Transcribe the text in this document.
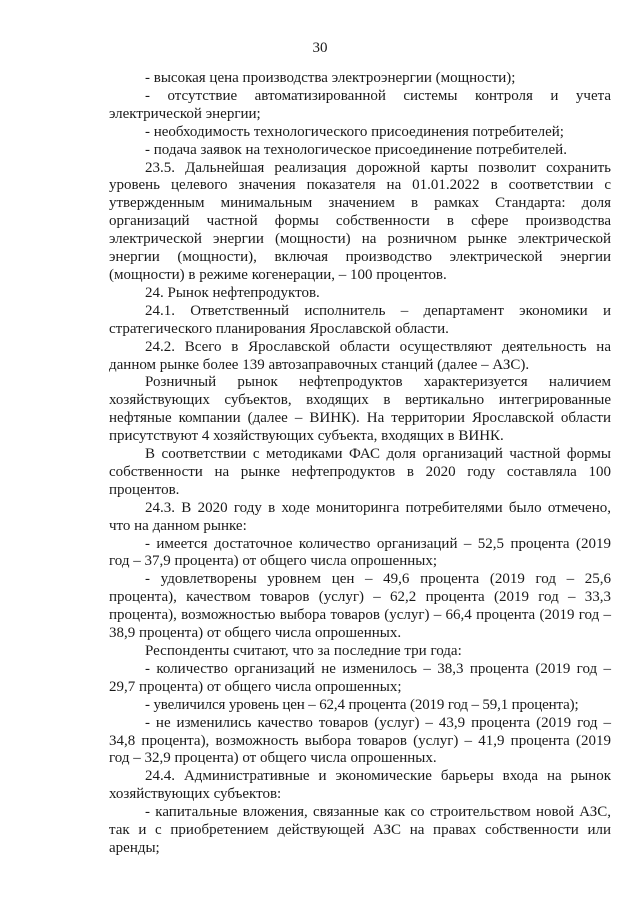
30

- высокая цена производства электроэнергии (мощности);

- отсутствие автоматизированной системы контроля и учета электрической энергии;

- необходимость технологического присоединения потребителей;

- подача заявок на технологическое присоединение потребителей.

23.5. Дальнейшая реализация дорожной карты позволит сохранить уровень целевого значения показателя на 01.01.2022 в соответствии с утвержденным минимальным значением в рамках Стандарта: доля организаций частной формы собственности в сфере производства электрической энергии (мощности) на розничном рынке электрической энергии (мощности), включая производство электрической энергии (мощности) в режиме когенерации, – 100 процентов.

24. Рынок нефтепродуктов.

24.1. Ответственный исполнитель – департамент экономики и стратегического планирования Ярославской области.

24.2. Всего в Ярославской области осуществляют деятельность на данном рынке более 139 автозаправочных станций (далее – АЗС).

Розничный рынок нефтепродуктов характеризуется наличием хозяйствующих субъектов, входящих в вертикально интегрированные нефтяные компании (далее – ВИНК). На территории Ярославской области присутствуют 4 хозяйствующих субъекта, входящих в ВИНК.

В соответствии с методиками ФАС доля организаций частной формы собственности на рынке нефтепродуктов в 2020 году составляла 100 процентов.

24.3. В 2020 году в ходе мониторинга потребителями было отмечено, что на данном рынке:

- имеется достаточное количество организаций – 52,5 процента (2019 год – 37,9 процента) от общего числа опрошенных;

- удовлетворены уровнем цен – 49,6 процента (2019 год – 25,6 процента), качеством товаров (услуг) – 62,2 процента (2019 год – 33,3 процента), возможностью выбора товаров (услуг) – 66,4 процента (2019 год – 38,9 процента) от общего числа опрошенных.

Респонденты считают, что за последние три года:

- количество организаций не изменилось – 38,3 процента (2019 год – 29,7 процента) от общего числа опрошенных;

- увеличился уровень цен – 62,4 процента (2019 год – 59,1 процента);

- не изменились качество товаров (услуг) – 43,9 процента (2019 год – 34,8 процента), возможность выбора товаров (услуг) – 41,9 процента (2019 год – 32,9 процента) от общего числа опрошенных.

24.4. Административные и экономические барьеры входа на рынок хозяйствующих субъектов:

- капитальные вложения, связанные как со строительством новой АЗС, так и с приобретением действующей АЗС на правах собственности или аренды;
